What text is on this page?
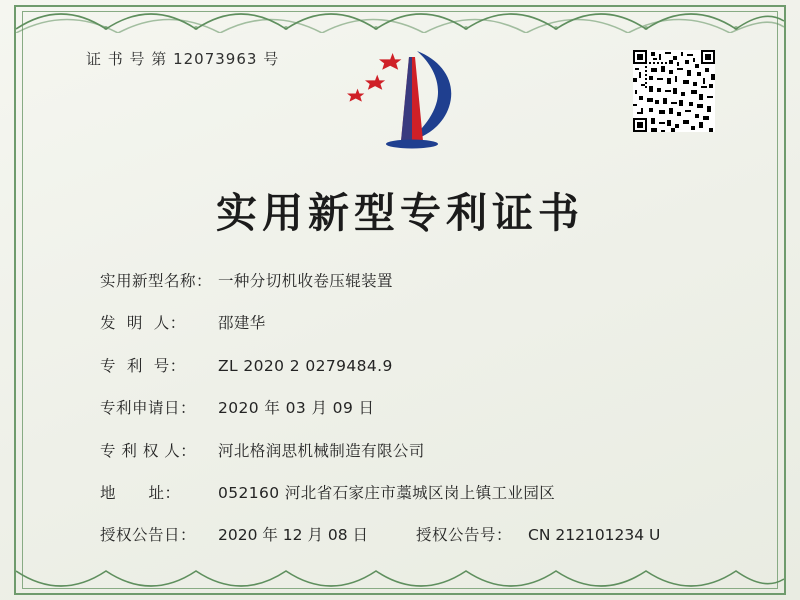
证 书 号 第 12073963 号
实用新型专利证书
实用新型名称： 一种分切机收卷压辊装置
发  明  人：	邵建华
专  利  号：	ZL 2020 2 0279484.9
专利申请日：	2020 年 03 月 09 日
专 利 权 人：	河北格润思机械制造有限公司
地      址：	052160 河北省石家庄市藁城区岗上镇工业园区
授权公告日：	2020 年 12 月 08 日	授权公告号：	CN 212101234 U
